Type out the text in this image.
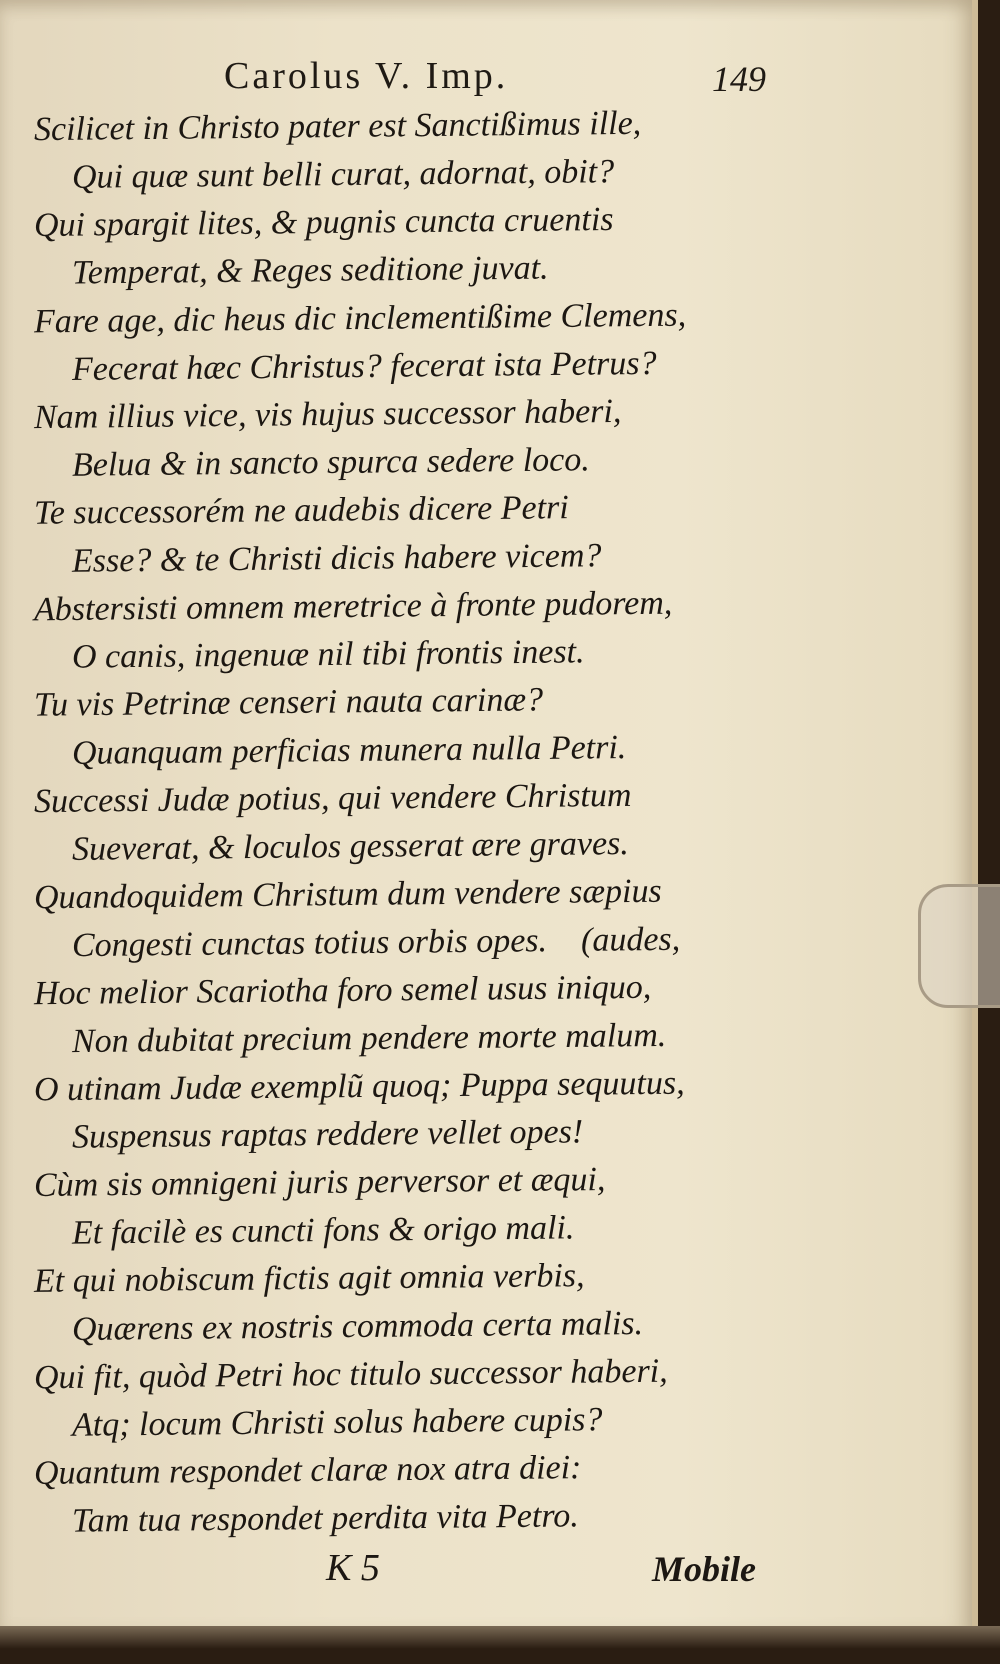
Carolus V. Imp.	149
Scilicet in Christo pater est Sanctißimus ille,
Qui quæ sunt belli curat, adornat, obit?
Qui spargit lites, & pugnis cuncta cruentis
Temperat, & Reges seditione juvat.
Fare age, dic heus dic inclementißime Clemens,
Fecerat hæc Christus? fecerat ista Petrus?
Nam illius vice, vis hujus successor haberi,
Belua & in sancto spurca sedere loco.
Te successorém ne audebis dicere Petri
Esse? & te Christi dicis habere vicem?
Abstersisti omnem meretrice à fronte pudorem,
O canis, ingenuæ nil tibi frontis inest.
Tu vis Petrinæ censeri nauta carinæ?
Quanquam perficias munera nulla Petri.
Successi Judæ potius, qui vendere Christum
Sueverat, & loculos gesserat ære graves.
Quandoquidem Christum dum vendere sæpius
Congesti cunctas totius orbis opes.    (audes,
Hoc melior Scariotha foro semel usus iniquo,
Non dubitat precium pendere morte malum.
O utinam Judæ exemplũ quoq; Puppa sequutus,
Suspensus raptas reddere vellet opes!
Cùm sis omnigeni juris perversor et æqui,
Et facilè es cuncti fons & origo mali.
Et qui nobiscum fictis agit omnia verbis,
Quærens ex nostris commoda certa malis.
Qui fit, quòd Petri hoc titulo successor haberi,
Atq; locum Christi solus habere cupis?
Quantum respondet claræ nox atra diei:
Tam tua respondet perdita vita Petro.
K 5	Mobile
